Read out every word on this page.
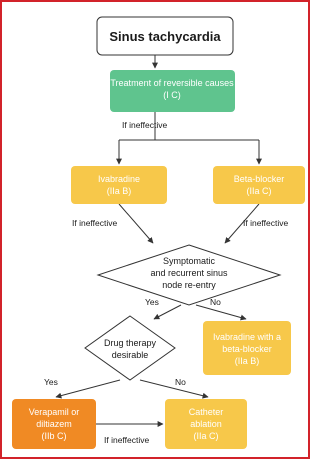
Sinus tachycardia
Treatment of reversible causes
(I C)
Ivabradine
(IIa B)
Beta-blocker
(IIa C)
Symptomatic
and recurrent sinus
node re-entry
Ivabradine with a
beta-blocker
(IIa B)
Drug therapy
desirable
Verapamil or
diltiazem
(IIb C)
Catheter
ablation
(IIa C)
If ineffective
If ineffective	If ineffective
Yes	No
Yes	No
If ineffective
